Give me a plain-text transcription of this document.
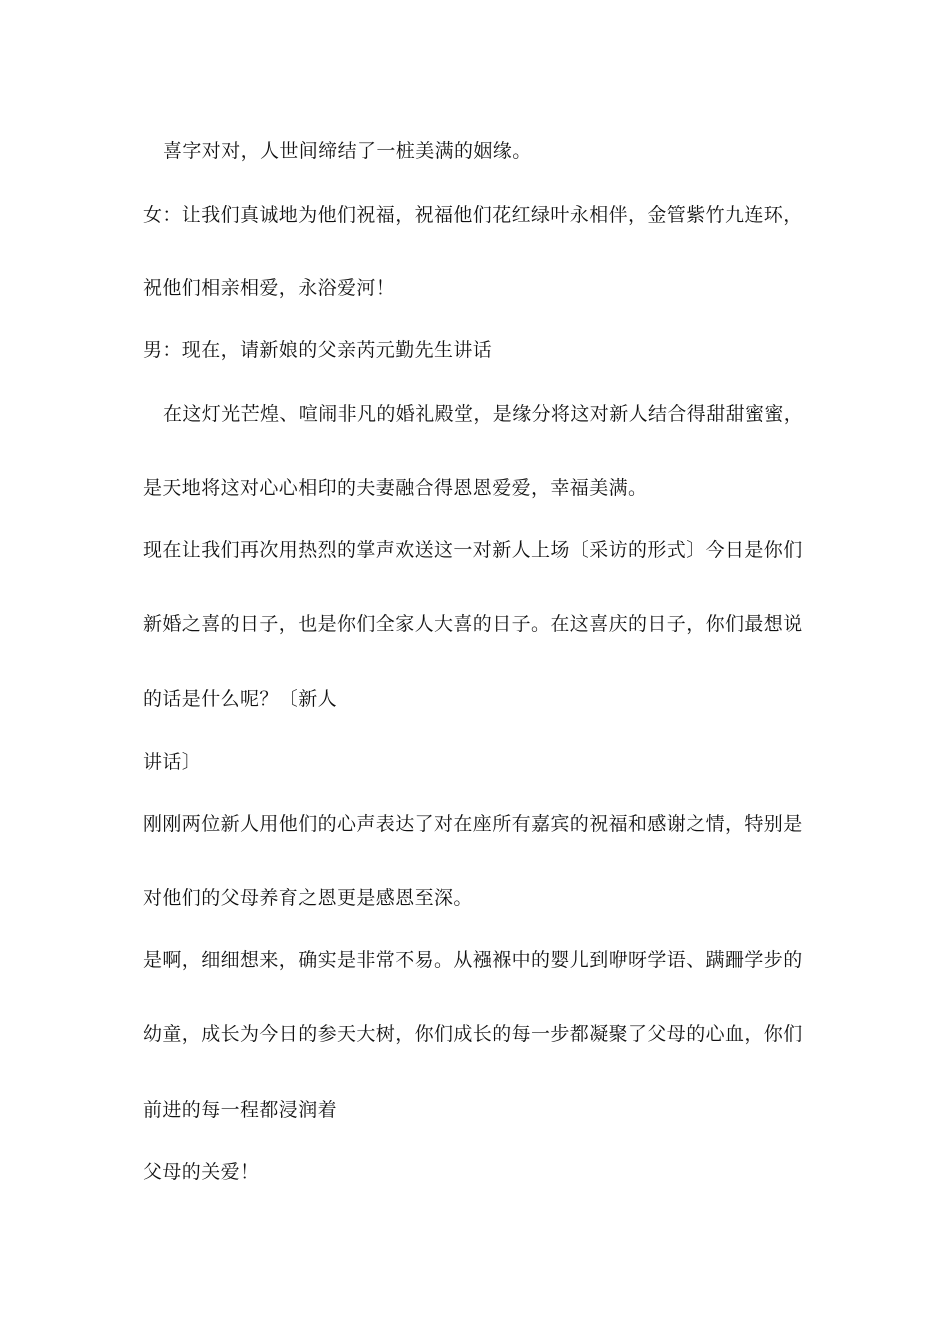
喜字对对，人世间缔结了一桩美满的姻缘。
女：让我们真诚地为他们祝福，祝福他们花红绿叶永相伴，金管紫竹九连环，
祝他们相亲相爱，永浴爱河！
男：现在，请新娘的父亲芮元勤先生讲话
在这灯光芒煌、喧闹非凡的婚礼殿堂，是缘分将这对新人结合得甜甜蜜蜜，
是天地将这对心心相印的夫妻融合得恩恩爱爱，幸福美满。
现在让我们再次用热烈的掌声欢送这一对新人上场〔采访的形式〕今日是你们
新婚之喜的日子，也是你们全家人大喜的日子。在这喜庆的日子，你们最想说
的话是什么呢？〔新人
讲话〕
刚刚两位新人用他们的心声表达了对在座所有嘉宾的祝福和感谢之情，特别是
对他们的父母养育之恩更是感恩至深。
是啊，细细想来，确实是非常不易。从襁褓中的婴儿到咿呀学语、蹒跚学步的
幼童，成长为今日的参天大树，你们成长的每一步都凝聚了父母的心血，你们
前进的每一程都浸润着
父母的关爱！
